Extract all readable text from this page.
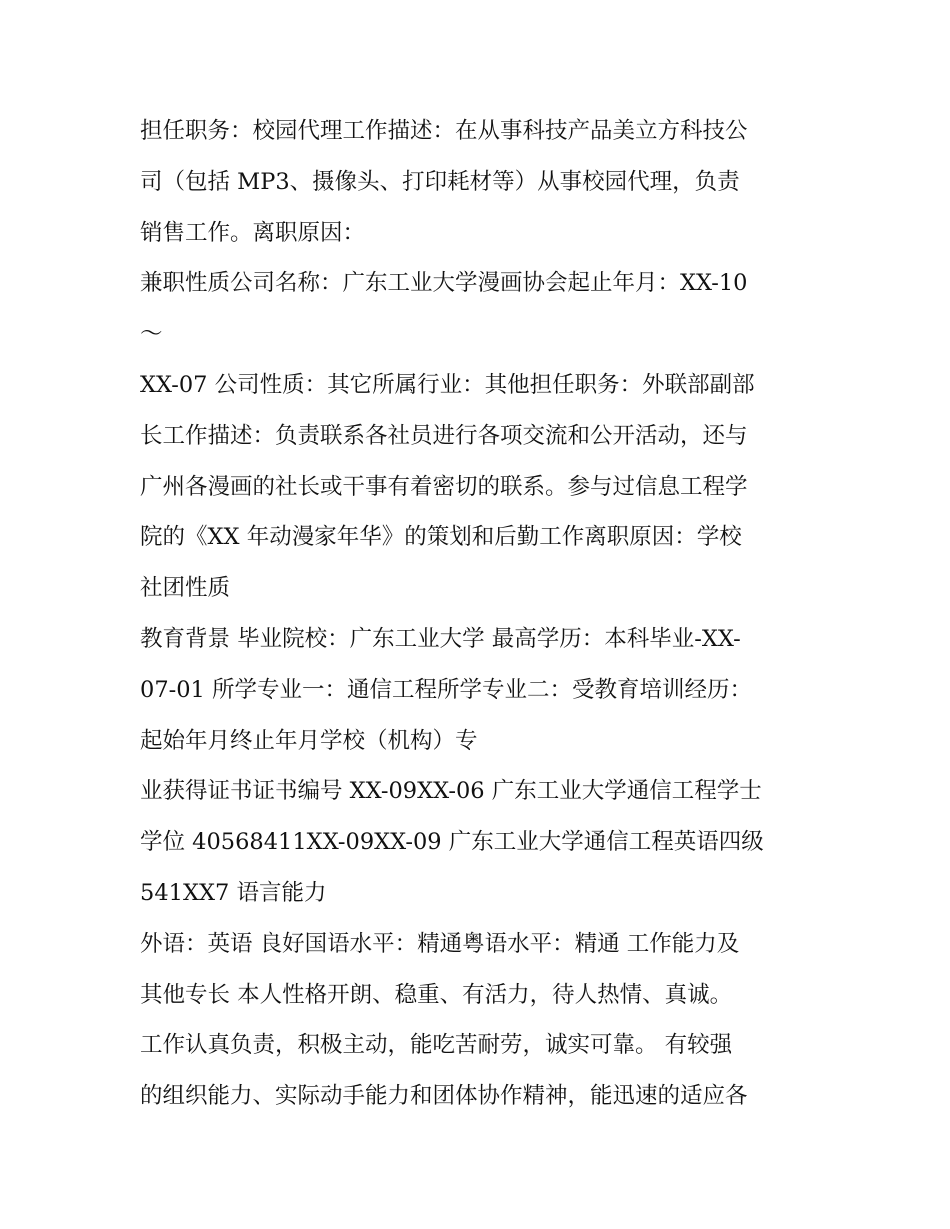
担任职务：校园代理工作描述：在从事科技产品美立方科技公
司（包括 MP3、摄像头、打印耗材等）从事校园代理，负责
销售工作。离职原因：
兼职性质公司名称：广东工业大学漫画协会起止年月：XX-10
～
XX-07 公司性质：其它所属行业：其他担任职务：外联部副部
长工作描述：负责联系各社员进行各项交流和公开活动，还与
广州各漫画的社长或干事有着密切的联系。参与过信息工程学
院的《XX 年动漫家年华》的策划和后勤工作离职原因：学校
社团性质
教育背景 毕业院校：广东工业大学 最高学历：本科毕业-XX-
07-01 所学专业一：通信工程所学专业二：受教育培训经历：
起始年月终止年月学校（机构）专
业获得证书证书编号 XX-09XX-06 广东工业大学通信工程学士
学位 40568411XX-09XX-09 广东工业大学通信工程英语四级
541XX7 语言能力
外语：英语 良好国语水平：精通粤语水平：精通 工作能力及
其他专长 本人性格开朗、稳重、有活力，待人热情、真诚。
工作认真负责，积极主动，能吃苦耐劳，诚实可靠。 有较强
的组织能力、实际动手能力和团体协作精神，能迅速的适应各
